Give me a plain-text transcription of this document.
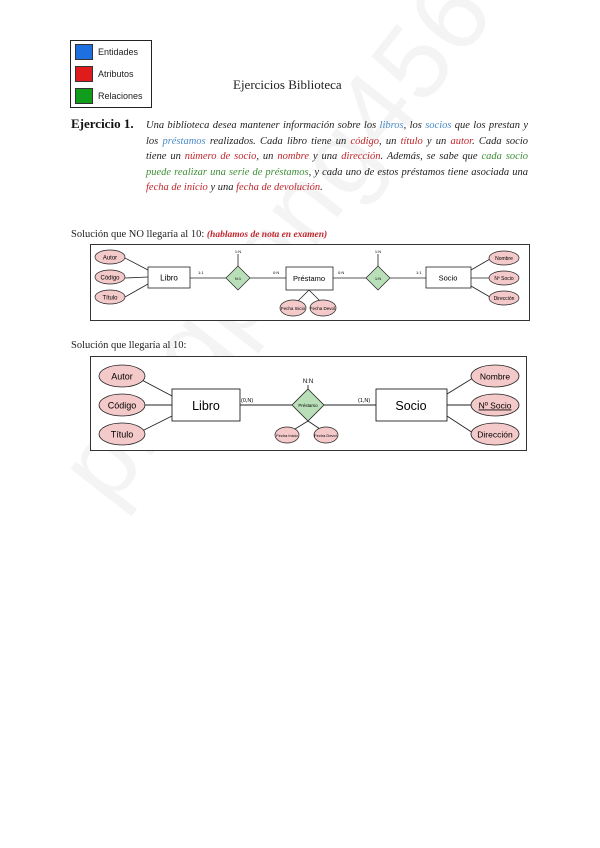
Entidades
Atributos
Relaciones
Ejercicios Biblioteca
Ejercicio 1. Una biblioteca desea mantener información sobre los libros, los socios que los prestan y los préstamos realizados. Cada libro tiene un código, un título y un autor. Cada socio tiene un número de socio, un nombre y una dirección. Además, se sabe que cada socio puede realizar una serie de préstamos, y cada uno de estos préstamos tiene asociada una fecha de inicio y una fecha de devolución.
Solución que NO llegaría al 10: (hablamos de nota en examen)
Autor
Código
Título
Libro	N:1
1:N
1:1	0:N
Préstamo
Fecha Inicio Fecha Devol.
1:N
1:N
0:N	1:1
Socio
Nombre
Nº Socio
Dirección
Solución que llegaría al 10:
Autor
Código
Título
Libro	(0,N)
Préstamo
N:N
Fecha Inicio	Fecha Devol.
(1,N) Socio
Nombre
Nº Socio
Dirección
